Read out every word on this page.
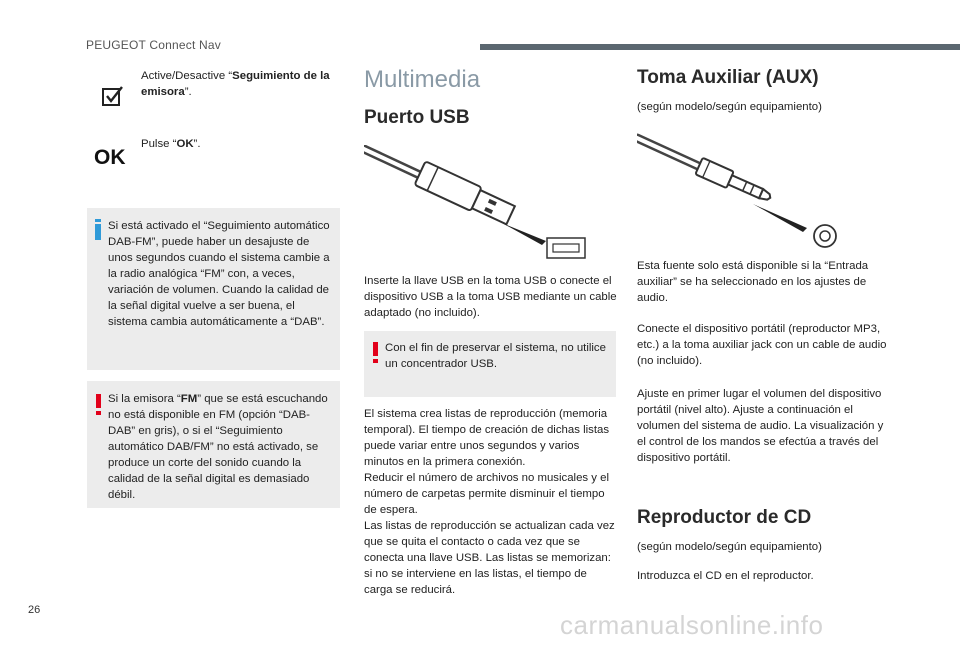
PEUGEOT Connect Nav
Active/Desactive “Seguimiento de la emisora”.
OK
Pulse “OK”.
Si está activado el “Seguimiento automático DAB-FM”, puede haber un desajuste de unos segundos cuando el sistema cambie a la radio analógica “FM” con, a veces, variación de volumen. Cuando la calidad de la señal digital vuelve a ser buena, el sistema cambia automáticamente a “DAB”.
Si la emisora “FM” que se está escuchando no está disponible en FM (opción “DAB-DAB” en gris), o si el “Seguimiento automático DAB/FM” no está activado, se produce un corte del sonido cuando la calidad de la señal digital es demasiado débil.
Multimedia
Puerto USB
Inserte la llave USB en la toma USB o conecte el dispositivo USB a la toma USB mediante un cable adaptado (no incluido).
Con el fin de preservar el sistema, no utilice un concentrador USB.
El sistema crea listas de reproducción (memoria temporal). El tiempo de creación de dichas listas puede variar entre unos segundos y varios minutos en la primera conexión.
Reducir el número de archivos no musicales y el número de carpetas permite disminuir el tiempo de espera.
Las listas de reproducción se actualizan cada vez que se quita el contacto o cada vez que se conecta una llave USB. Las listas se memorizan: si no se interviene en las listas, el tiempo de carga se reducirá.
Toma Auxiliar (AUX)
(según modelo/según equipamiento)
Esta fuente solo está disponible si la “Entrada auxiliar” se ha seleccionado en los ajustes de audio.
Conecte el dispositivo portátil (reproductor MP3, etc.) a la toma auxiliar jack con un cable de audio (no incluido).
Ajuste en primer lugar el volumen del dispositivo portátil (nivel alto). Ajuste a continuación el volumen del sistema de audio. La visualización y el control de los mandos se efectúa a través del dispositivo portátil.
Reproductor de CD
(según modelo/según equipamiento)
Introduzca el CD en el reproductor.
26	carmanualsonline.info
